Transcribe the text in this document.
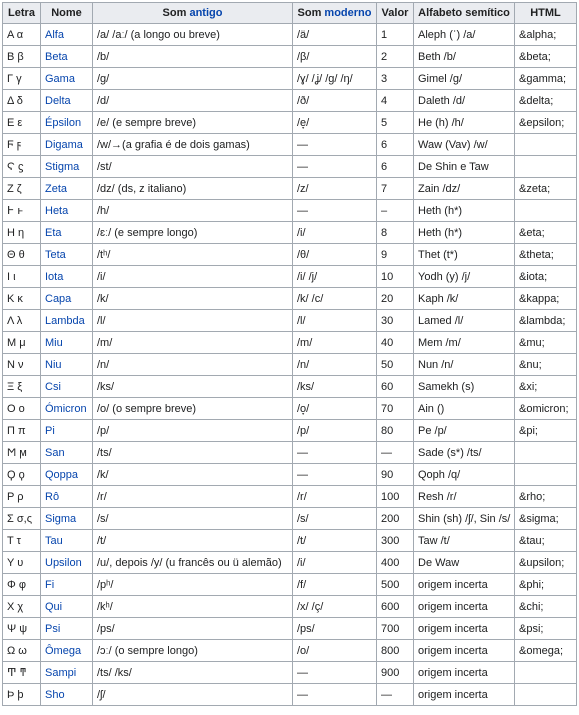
Letra	Nome	Som antigo	Som moderno	Valor	Alfabeto semítico	HTML
Α α	Alfa	/a/ /aː/ (a longo ou breve)	/ä/	1	Aleph (ʾ) /a/	&alpha;
Β β	Beta	/b/	/β/	2	Beth /b/	&beta;
Γ γ	Gama	/g/	/ɣ/ /ʝ/ /g/ /ŋ/	3	Gimel /g/	&gamma;
Δ δ	Delta	/d/	/ð/	4	Daleth /d/	&delta;
Ε ε	Épsilon	/e/ (e sempre breve)	/e̞/	5	He (h) /h/	&epsilon;
Ϝ ϝ	Digama	/w/→(a grafia é de dois gamas)	—	6	Waw (Vav) /w/	
Ϛ ϛ	Stigma	/st/	—	6	De Shin e Taw	
Ζ ζ	Zeta	/dz/ (ds, z italiano)	/z/	7	Zain /dz/	&zeta;
Ͱ ͱ	Heta	/h/	—	–	Heth (h*)	
Η η	Eta	/ɛː/ (e sempre longo)	/i/	8	Heth (h*)	&eta;
Θ θ	Teta	/tʰ/	/θ/	9	Thet (t*)	&theta;
Ι ι	Iota	/i/	/i/ /j/	10	Yodh (y) /j/	&iota;
Κ κ	Capa	/k/	/k/ /c/	20	Kaph /k/	&kappa;
Λ λ	Lambda	/l/	/l/	30	Lamed /l/	&lambda;
Μ μ	Miu	/m/	/m/	40	Mem /m/	&mu;
Ν ν	Niu	/n/	/n/	50	Nun /n/	&nu;
Ξ ξ	Csi	/ks/	/ks/	60	Samekh (s)	&xi;
Ο ο	Ómicron	/o/ (o sempre breve)	/o̞/	70	Ain ()	&omicron;
Π π	Pi	/p/	/p/	80	Pe /p/	&pi;
Ϻ ϻ	San	/ts/	—	—	Sade (s*) /ts/	
Ϙ ϙ	Qoppa	/k/	—	90	Qoph /q/	
Ρ ρ	Rô	/r/	/r/	100	Resh /r/	&rho;
Σ σ,ς	Sigma	/s/	/s/	200	Shin (sh) /ʃ/, Sin /s/	&sigma;
Τ τ	Tau	/t/	/t/	300	Taw /t/	&tau;
Υ υ	Upsilon	/u/, depois /y/ (u francês ou ü alemão)	/i/	400	De Waw	&upsilon;
Φ φ	Fi	/pʰ/	/f/	500	origem incerta	&phi;
Χ χ	Qui	/kʰ/	/x/ /ç/	600	origem incerta	&chi;
Ψ ψ	Psi	/ps/	/ps/	700	origem incerta	&psi;
Ω ω	Ômega	/ɔː/ (o sempre longo)	/o/	800	origem incerta	&omega;
Ͳ ͳ	Sampi	/ts/ /ks/	—	900	origem incerta	
Ϸ ϸ	Sho	/ʃ/	—	—	origem incerta	
